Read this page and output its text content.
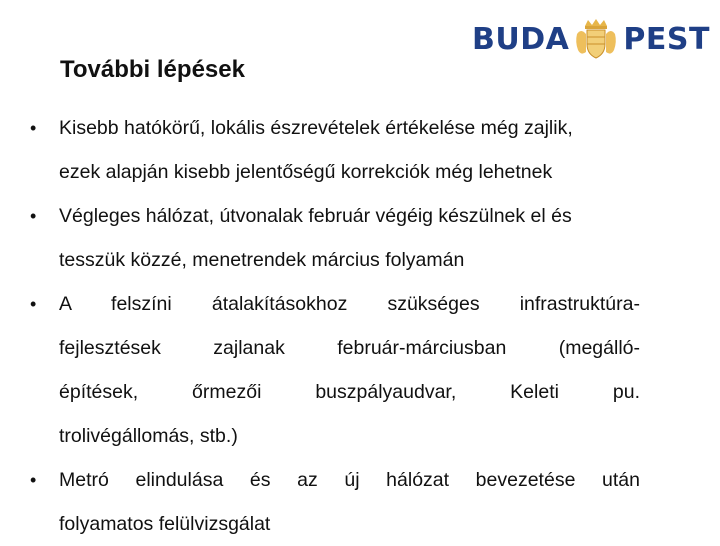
BUDA PEST
További lépések
• Kisebb hatókörű, lokális észrevételek értékelése még zajlik,
ezek alapján kisebb jelentőségű korrekciók még lehetnek
• Végleges hálózat, útvonalak február végéig készülnek el és
tesszük közzé, menetrendek március folyamán
• A felszíni átalakításokhoz szükséges infrastruktúra-
fejlesztések zajlanak február-márciusban (megálló-
építések, őrmezői buszpályaudvar, Keleti pu.
trolivégállomás, stb.)
• Metró elindulása és az új hálózat bevezetése után
folyamatos felülvizsgálat
